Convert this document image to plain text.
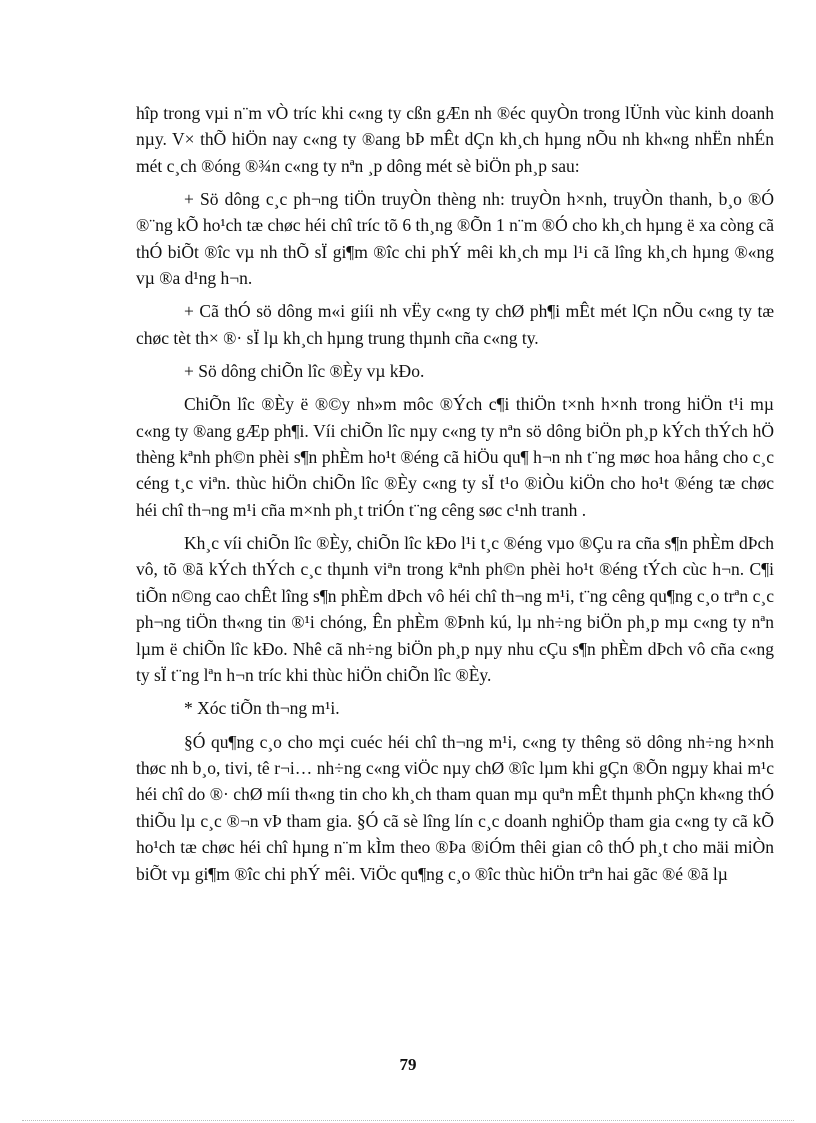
hîp trong vµi n¨m vÒ tríc khi c«ng ty cßn gÆn nh ®éc quyÒn trong lÜnh vùc kinh doanh nµy. V× thÕ hiÖn nay c«ng ty ®ang bÞ mÊt dÇn kh¸ch hµng nÕu nh kh«ng nhËn nhÉn mét c¸ch ®óng ®¾n c«ng ty nªn ¸p dông mét sè biÖn ph¸p sau:

+ Sö dông c¸c ph¬ng tiÖn truyÒn thèng nh: truyÒn h×nh, truyÒn thanh, b¸o ®Ó ®¨ng kÕ ho¹ch tæ chøc héi chî tríc tõ 6 th¸ng ®Õn 1 n¨m ®Ó cho kh¸ch hµng ë xa còng cã thÓ biÕt ®îc vµ nh thÕ sÏ gi¶m ®îc chi phÝ mêi kh¸ch mµ l¹i cã lîng kh¸ch hµng ®«ng vµ ®a d¹ng h¬n.

+ Cã thÓ sö dông m«i giíi nh vËy c«ng ty chØ ph¶i mÊt mét lÇn nÕu c«ng ty tæ chøc tèt th× ®· sÏ lµ kh¸ch hµng trung thµnh cña c«ng ty.

+ Sö dông chiÕn lîc ®Èy vµ kÐo.

ChiÕn lîc ®Èy ë ®©y nh»m môc ®Ých c¶i thiÖn t×nh h×nh trong hiÖn t¹i mµ c«ng ty ®ang gÆp ph¶i. Víi chiÕn lîc nµy c«ng ty nªn sö dông biÖn ph¸p kÝch thÝch hÖ thèng kªnh ph©n phèi s¶n phÈm ho¹t ®éng cã hiÖu qu¶ h¬n nh t¨ng møc hoa hång cho c¸c céng t¸c viªn. thùc hiÖn chiÕn lîc ®Èy c«ng ty sÏ t¹o ®iÒu kiÖn cho ho¹t ®éng tæ chøc héi chî th¬ng m¹i cña m×nh ph¸t triÓn t¨ng cêng søc c¹nh tranh .

Kh¸c víi chiÕn lîc ®Èy, chiÕn lîc kÐo l¹i t¸c ®éng vµo ®Çu ra cña s¶n phÈm dÞch vô, tõ ®ã kÝch thÝch c¸c thµnh viªn trong kªnh ph©n phèi ho¹t ®éng tÝch cùc h¬n. C¶i tiÕn n©ng cao chÊt lîng s¶n phÈm dÞch vô héi chî th¬ng m¹i, t¨ng cêng qu¶ng c¸o trªn c¸c ph¬ng tiÖn th«ng tin ®¹i chóng, Ên phÈm ®Þnh kú, lµ nh÷ng biÖn ph¸p mµ c«ng ty nªn lµm ë chiÕn lîc kÐo. Nhê cã nh÷ng biÖn ph¸p nµy nhu cÇu s¶n phÈm dÞch vô cña c«ng ty sÏ t¨ng lªn h¬n tríc khi thùc hiÖn chiÕn lîc ®Èy.

* Xóc tiÕn th¬ng m¹i.

§Ó qu¶ng c¸o cho mçi cuéc héi chî th¬ng m¹i, c«ng ty thêng sö dông nh÷ng h×nh thøc nh b¸o, tivi, tê r¬i… nh÷ng c«ng viÖc nµy chØ ®îc lµm khi gÇn ®Õn ngµy khai m¹c héi chî do ®· chØ míi th«ng tin cho kh¸ch tham quan mµ quªn mÊt thµnh phÇn kh«ng thÓ thiÕu lµ c¸c ®¬n vÞ tham gia. §Ó cã sè lîng lín c¸c doanh nghiÖp tham gia c«ng ty cã kÕ ho¹ch tæ chøc héi chî hµng n¨m kÌm theo ®Þa ®iÓm thêi gian cô thÓ ph¸t cho mäi miÒn biÕt vµ gi¶m ®îc chi phÝ mêi. ViÖc qu¶ng c¸o ®îc thùc hiÖn trªn hai gãc ®é ®ã lµ

79
